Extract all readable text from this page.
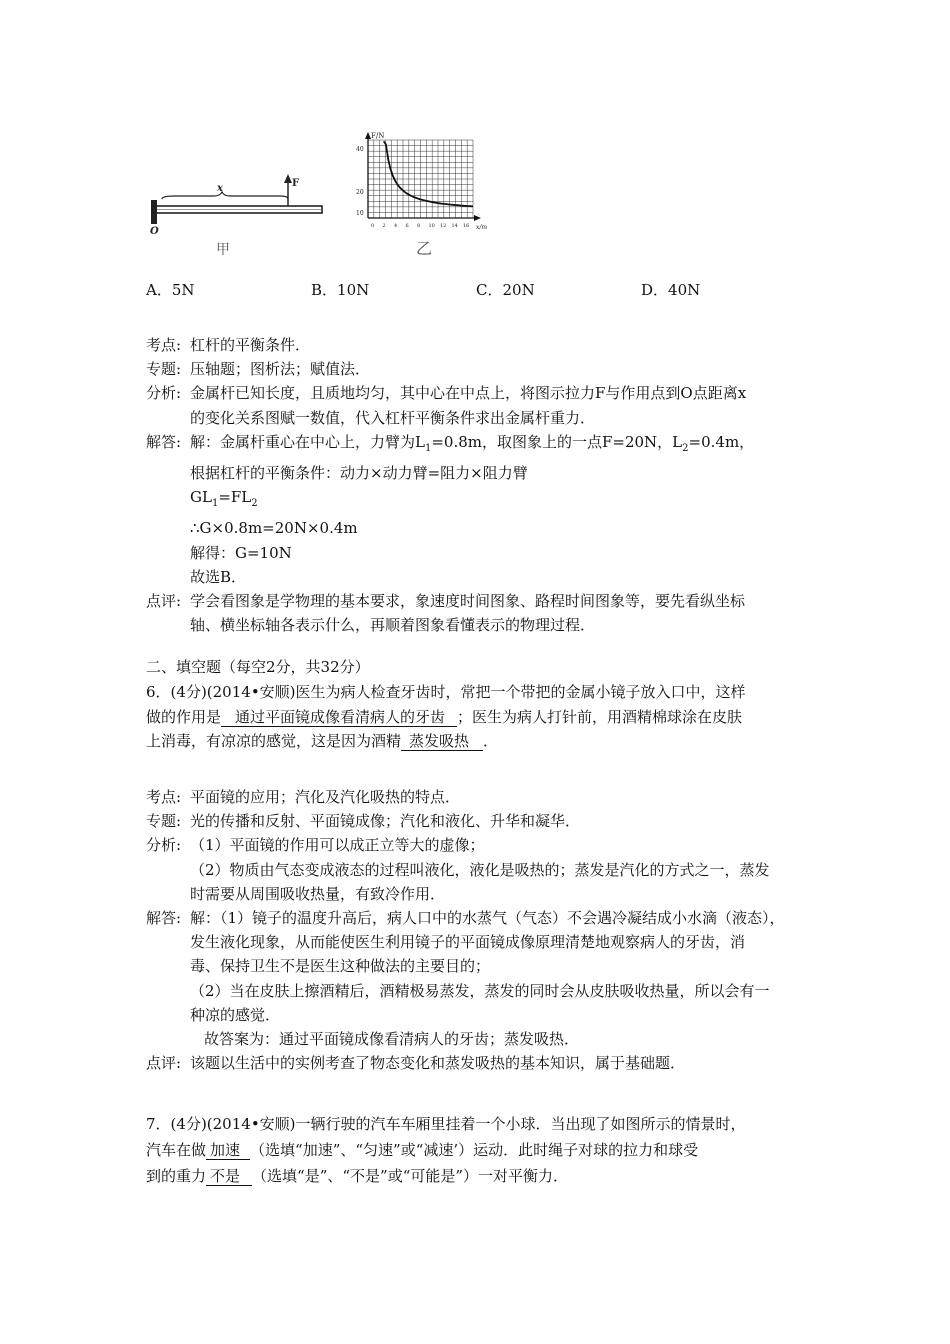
O
x	F
甲
F/N
40
20
10
0 2 4 6 8 10 12 14 16 x/m
乙
A．5N	B．10N	C．20N	D．40N
考点: 杠杆的平衡条件．
专题: 压轴题；图析法；赋值法．
分析: 金属杆已知长度，且质地均匀，其中心在中点上，将图示拉力F与作用点到O点距离x
的变化关系图赋一数值，代入杠杆平衡条件求出金属杆重力．
解答: 解：金属杆重心在中心上，力臂为$L_1=0.8m$，取图象上的一点F=20N，$L_2=0.4m$，
根据杠杆的平衡条件：动力×动力臂=阻力×阻力臂
$GL_1=FL_2$
∴G×0.8m=20N×0.4m
解得：G=10N
故选B．
点评: 学会看图象是学物理的基本要求，象速度时间图象、路程时间图象等，要先看纵坐标
轴、横坐标轴各表示什么，再顺着图象看懂表示的物理过程．
二、填空题（每空2分，共32分）
6．(4分)(2014•安顺)医生为病人检查牙齿时，常把一个带把的金属小镜子放入口中，这样
做的作用是 通过平面镜成像看清病人的牙齿 ；医生为病人打针前，用酒精棉球涂在皮肤
上消毒，有凉凉的感觉，这是因为酒精 蒸发吸热 ．
考点: 平面镜的应用；汽化及汽化吸热的特点．
专题: 光的传播和反射、平面镜成像；汽化和液化、升华和凝华．
分析: （1）平面镜的作用可以成正立等大的虚像；
（2）物质由气态变成液态的过程叫液化，液化是吸热的；蒸发是汽化的方式之一，蒸发
时需要从周围吸收热量，有致冷作用．
解答: 解：（1）镜子的温度升高后，病人口中的水蒸气（气态）不会遇冷凝结成小水滴（液态），
发生液化现象，从而能使医生利用镜子的平面镜成像原理清楚地观察病人的牙齿，消
毒、保持卫生不是医生这种做法的主要目的；
（2）当在皮肤上擦酒精后，酒精极易蒸发，蒸发的同时会从皮肤吸收热量，所以会有一
种凉的感觉．
故答案为：通过平面镜成像看清病人的牙齿；蒸发吸热．
点评: 该题以生活中的实例考查了物态变化和蒸发吸热的基本知识，属于基础题．
7．(4分)(2014•安顺)一辆行驶的汽车车厢里挂着一个小球．当出现了如图所示的情景时，
汽车在做 加速 （选填“加速”、“匀速”或“减速’）运动．此时绳子对球的拉力和球受
到的重力 不是 （选填“是”、“不是”或“可能是”）一对平衡力．
